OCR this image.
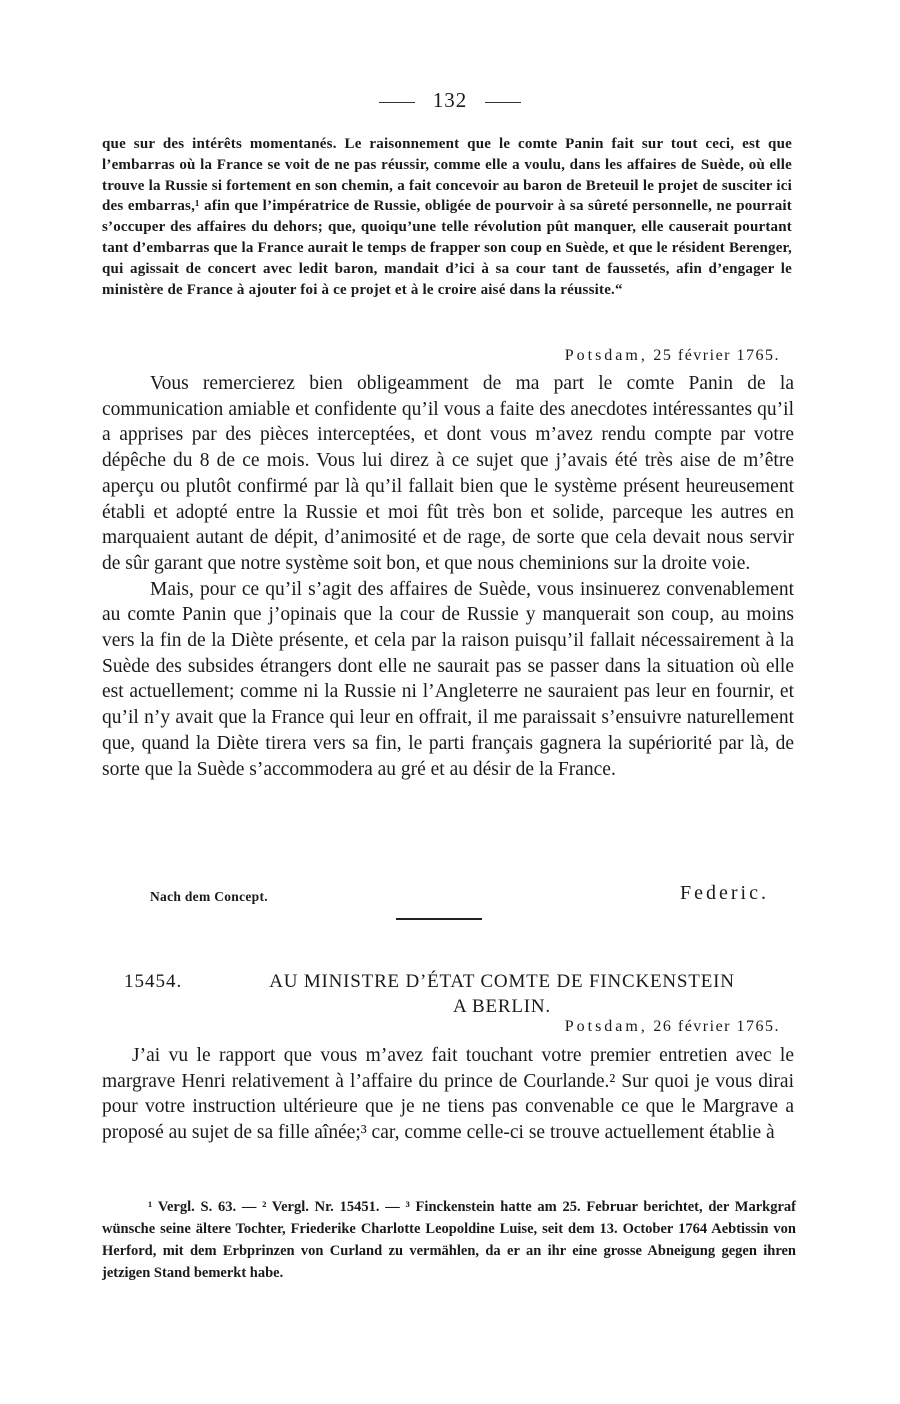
132

que sur des intérêts momentanés. Le raisonnement que le comte Panin fait sur tout ceci, est que l’embarras où la France se voit de ne pas réussir, comme elle a voulu, dans les affaires de Suède, où elle trouve la Russie si fortement en son chemin, a fait concevoir au baron de Breteuil le projet de susciter ici des embarras,¹ afin que l’impératrice de Russie, obligée de pourvoir à sa sûreté personnelle, ne pourrait s’occuper des affaires du dehors; que, quoiqu’une telle révolution pût manquer, elle causerait pourtant tant d’embarras que la France aurait le temps de frapper son coup en Suède, et que le résident Berenger, qui agissait de concert avec ledit baron, mandait d’ici à sa cour tant de faussetés, afin d’engager le ministère de France à ajouter foi à ce projet et à le croire aisé dans la réussite.“

Potsdam, 25 février 1765.

Vous remercierez bien obligeamment de ma part le comte Panin de la communication amiable et confidente qu’il vous a faite des anecdotes intéressantes qu’il a apprises par des pièces interceptées, et dont vous m’avez rendu compte par votre dépêche du 8 de ce mois. Vous lui direz à ce sujet que j’avais été très aise de m’être aperçu ou plutôt confirmé par là qu’il fallait bien que le système présent heureusement établi et adopté entre la Russie et moi fût très bon et solide, parceque les autres en marquaient autant de dépit, d’animosité et de rage, de sorte que cela devait nous servir de sûr garant que notre système soit bon, et que nous cheminions sur la droite voie.

Mais, pour ce qu’il s’agit des affaires de Suède, vous insinuerez convenablement au comte Panin que j’opinais que la cour de Russie y manquerait son coup, au moins vers la fin de la Diète présente, et cela par la raison puisqu’il fallait nécessairement à la Suède des subsides étrangers dont elle ne saurait pas se passer dans la situation où elle est actuellement; comme ni la Russie ni l’Angleterre ne sauraient pas leur en fournir, et qu’il n’y avait que la France qui leur en offrait, il me paraissait s’ensuivre naturellement que, quand la Diète tirera vers sa fin, le parti français gagnera la supériorité par là, de sorte que la Suède s’accommodera au gré et au désir de la France.

Nach dem Concept.	Federic.
15454.	AU MINISTRE D’ÉTAT COMTE DE FINCKENSTEIN
A BERLIN.
Potsdam, 26 février 1765.

J’ai vu le rapport que vous m’avez fait touchant votre premier entretien avec le margrave Henri relativement à l’affaire du prince de Courlande.² Sur quoi je vous dirai pour votre instruction ultérieure que je ne tiens pas convenable ce que le Margrave a proposé au sujet de sa fille aînée;³ car, comme celle-ci se trouve actuellement établie à

¹ Vergl. S. 63. — ² Vergl. Nr. 15451. — ³ Finckenstein hatte am 25. Februar berichtet, der Markgraf wünsche seine ältere Tochter, Friederike Charlotte Leopoldine Luise, seit dem 13. October 1764 Aebtissin von Herford, mit dem Erbprinzen von Curland zu vermählen, da er an ihr eine grosse Abneigung gegen ihren jetzigen Stand bemerkt habe.
